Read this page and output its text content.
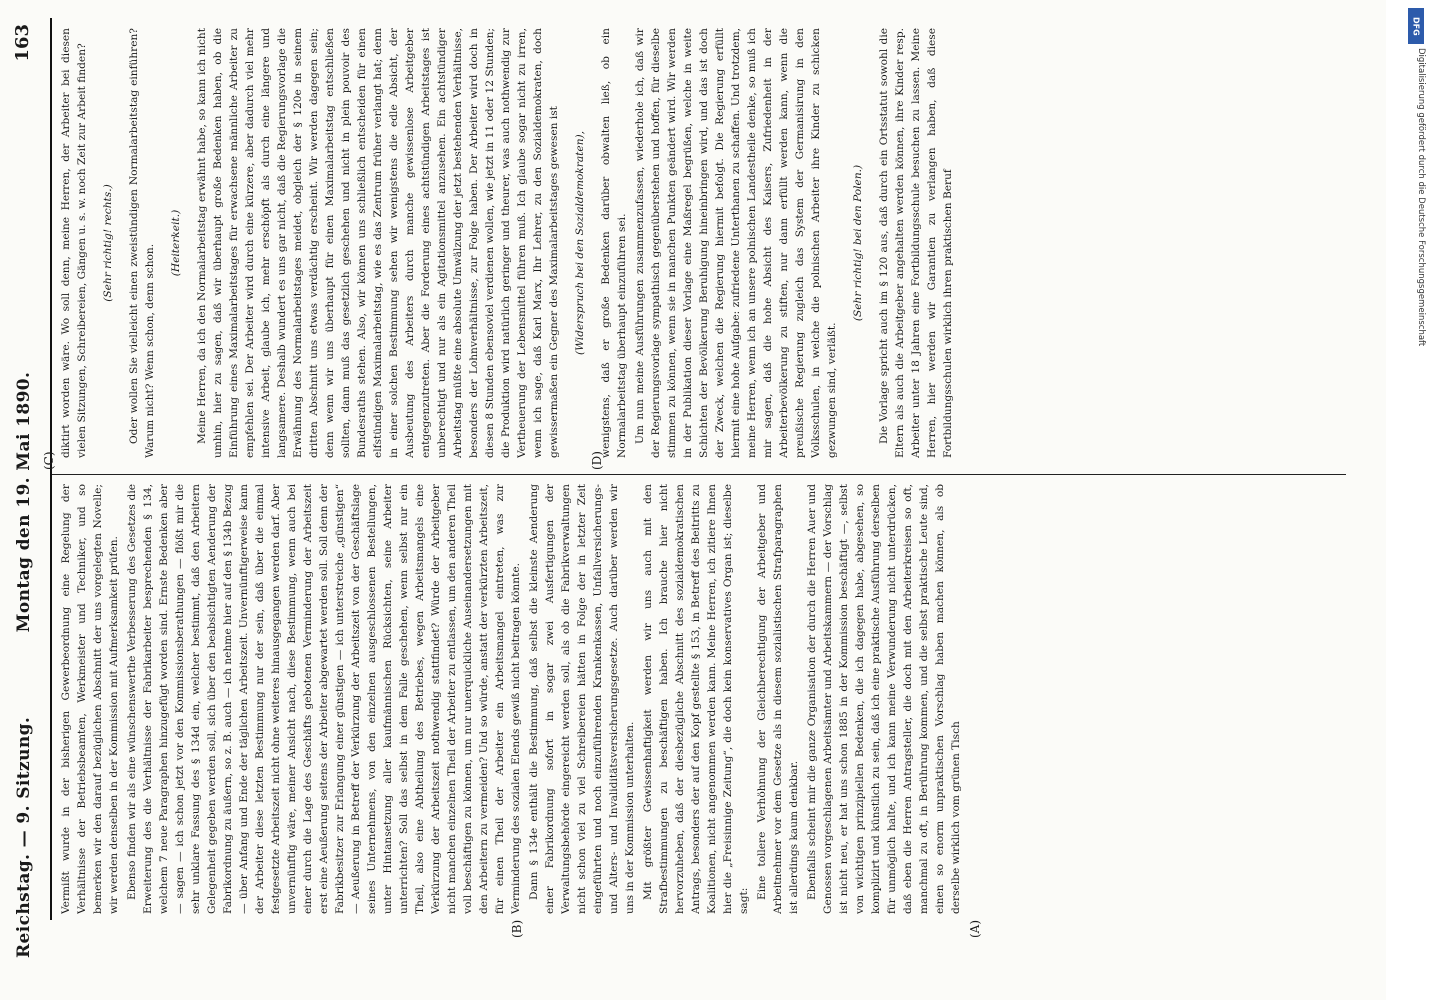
Reichstag. — 9. Sitzung.
Montag den 19. Mai 1890.
163

Vermißt wurde in der bisherigen Gewerbeordnung eine Regelung der Verhältnisse der Betriebsbeamten, Werkmeister und Techniker, und so bemerken wir den darauf bezüglichen Abschnitt der uns vorgelegten Novelle; wir werden denselben in der Kommission mit Aufmerksamkeit prüfen. Ebenso finden wir als eine wünschenswerthe Verbesserung des Gesetzes die Erweiterung des die Verhältnisse der Fabrikarbeiter besprechenden § 134, welchem 7 neue Paragraphen hinzugefügt worden sind. Ernste Bedenken aber — sagen — ich schon jetzt vor den Kommissionsberathungen — flößt mir die sehr unklare Fassung des § 134d ein, welcher bestimmt, daß den Arbeitern Gelegenheit gegeben werden soll, sich über den beabsichtigten Aenderung der Fabrikordnung zu äußern, so z. B. auch — ich nehme hier auf den § 134b Bezug — über Anfang und Ende der täglichen Arbeitszeit. Unvernünftigerweise kann der Arbeiter diese letzten Bestimmung nur der sein, daß über die einmal festgesetzte Arbeitszeit nicht ohne weiteres hinausgegangen werden darf. Aber unvernünftig wäre, meiner Ansicht nach, diese Bestimmung, wenn auch bei einer durch die Lage des Geschäfts gebotenen Verminderung der Arbeitszeit erst eine Aeußerung seitens der Arbeiter abgewartet werden soll. Soll denn der Fabrikbesitzer zur Erlangung einer günstigen — ich unterstreiche „günstigen“ — Aeußerung in Betreff der Verkürzung der Arbeitszeit von der Geschäftslage seines Unternehmens, von den einzelnen ausgeschlossenen Bestellungen, unter Hintansetzung aller kaufmännischen Rücksichten, seine Arbeiter unterrichten? Soll das selbst in dem Falle geschehen, wenn selbst nur ein Theil, also eine Abtheilung des Betriebes, wegen Arbeitsmangels eine Verkürzung der Arbeitszeit nothwendig stattfindet? Würde der Arbeitgeber nicht manchen einzelnen Theil der Arbeiter zu entlassen, um den anderen Theil voll beschäftigen zu können, um nur unerquickliche Auseinandersetzungen mit den Arbeitern zu vermeiden? Und so würde, anstatt der verkürzten Arbeitszeit, für einen Theil der Arbeiter ein Arbeitsmangel eintreten, was zur Verminderung des sozialen Elends gewiß nicht beitragen könnte. Dann § 134e enthält die Bestimmung, daß selbst die kleinste Aenderung einer Fabrikordnung sofort in sogar zwei Ausfertigungen der Verwaltungsbehörde eingereicht werden soll, als ob die Fabrikverwaltungen nicht schon viel zu viel Schreibereien hätten in Folge der in letzter Zeit eingeführten und noch einzuführenden Krankenkassen, Unfallversicherungs- und Alters- und Invaliditätsversicherungsgesetze. Auch darüber werden wir uns in der Kommission unterhalten. Mit größter Gewissenhaftigkeit werden wir uns auch mit den Strafbestimmungen zu beschäftigen haben. Ich brauche hier nicht hervorzuheben, daß der diesbezügliche Abschnitt des sozialdemokratischen Antrags, besonders der auf den Kopf gestellte § 153, in Betreff des Beitritts zu Koalitionen, nicht angenommen werden kann. Meine Herren, ich zitiere Ihnen hier die „Freisinnige Zeitung“, die doch kein konservatives Organ ist; dieselbe sagt:

Eine tollere Verhöhnung der Gleichberechtigung der Arbeitgeber und Arbeitnehmer vor dem Gesetze als in diesem sozialistischen Strafparagraphen ist allerdings kaum denkbar. Ebenfalls scheint mir die ganze Organisation der durch die Herren Auer und Genossen vorgeschlagenen Arbeitsämter und Arbeitskammern — der Vorschlag ist nicht neu, er hat uns schon 1885 in der Kommission beschäftigt —, selbst von wichtigen prinzipiellen Bedenken, die ich dagegen habe, abgesehen, so komplizirt und künstlich zu sein, daß ich eine praktische Ausführung derselben für unmöglich halte, und ich kann meine Verwunderung nicht unterdrücken, daß eben die Herren Antragsteller, die doch mit den Arbeiterkreisen so oft, manchmal zu oft, in Berührung kommen, und die selbst praktische Leute sind, einen so enorm unpraktischen Vorschlag haben machen können, als ob derselbe wirklich vom grünen Tisch

diktirt worden wäre. Wo soll denn, meine Herren, der Arbeiter bei diesen vielen Sitzungen, Schreibereien, Gängen u. s. w. noch Zeit zur Arbeit finden? (Sehr richtig! rechts.) Oder wollen Sie vielleicht einen zweistündigen Normalarbeitstag einführen? Warum nicht? Wenn schon, denn schon.

(Heiterkeit.) Meine Herren, da ich den Normalarbeitstag erwähnt habe, so kann ich nicht umhin, hier zu sagen, daß wir überhaupt große Bedenken haben, ob die Einführung eines Maximalarbeitstages für erwachsene männliche Arbeiter zu empfehlen sei. Der Arbeiter wird durch eine kürzere, aber dadurch viel mehr intensive Arbeit, glaube ich, mehr erschöpft als durch eine längere und langsamere. Deshalb wundert es uns gar nicht, daß die Regierungsvorlage die Erwähnung des Normalarbeitstages meidet, obgleich der § 120e in seinem dritten Abschnitt uns etwas verdächtig erscheint. Wir werden dagegen sein; denn wenn wir uns überhaupt für einen Maximalarbeitstag entschließen sollten, dann muß das gesetzlich geschehen und nicht in plein pouvoir des Bundesraths stehen. Also, wir können uns schließlich entscheiden für einen elfstündigen Maximalarbeitstag, wie es das Zentrum früher verlangt hat; denn in einer solchen Bestimmung sehen wir wenigstens die edle Absicht, der Ausbeutung des Arbeiters durch manche gewissenlose Arbeitgeber entgegenzutreten. Aber die Forderung eines achtstündigen Arbeitstages ist unberechtigt und nur als ein Agitationsmittel anzusehen. Ein achtstündiger Arbeitstag müßte eine absolute Umwälzung der jetzt bestehenden Verhältnisse, besonders der Lohnverhältnisse, zur Folge haben. Der Arbeiter wird doch in diesen 8 Stunden ebensoviel verdienen wollen, wie jetzt in 11 oder 12 Stunden; die Produktion wird natürlich geringer und theurer, was auch nothwendig zur Vertheuerung der Lebensmittel führen muß. Ich glaube sogar nicht zu irren, wenn ich sage, daß Karl Marx, Ihr Lehrer, zu den Sozialdemokraten, doch gewissermaßen ein Gegner des Maximalarbeitstages gewesen ist (Widerspruch bei den Sozialdemokraten), wenigstens, daß er große Bedenken darüber obwalten ließ, ob ein Normalarbeitstag überhaupt einzuführen sei. Um nun meine Ausführungen zusammenzufassen, wiederhole ich, daß wir der Regierungsvorlage sympathisch gegenüberstehen und hoffen, für dieselbe stimmen zu können, wenn sie in manchen Punkten geändert wird. Wir werden in der Publikation dieser Vorlage eine Maßregel begrüßen, welche in weite Schichten der Bevölkerung Beruhigung hineinbringen wird, und das ist doch der Zweck, welchen die Regierung hiermit befolgt. Die Regierung erfüllt hiermit eine hohe Aufgabe: zufriedene Unterthanen zu schaffen. Und trotzdem, meine Herren, wenn ich an unsere polnischen Landestheile denke, so muß ich mir sagen, daß die hohe Absicht des Kaisers, Zufriedenheit in der Arbeiterbevölkerung zu stiften, nur dann erfüllt werden kann, wenn die preußische Regierung zugleich das System der Germanisirung in den Volksschulen, in welche die polnischen Arbeiter ihre Kinder zu schicken gezwungen sind, verläßt.

(Sehr richtig! bei den Polen.) Die Vorlage spricht auch im § 120 aus, daß durch ein Ortsstatut sowohl die Eltern als auch die Arbeitgeber angehalten werden können, ihre Kinder resp. Arbeiter unter 18 Jahren eine Fortbildungsschule besuchen zu lassen. Meine Herren, hier werden wir Garantien zu verlangen haben, daß diese Fortbildungsschulen wirklich ihren praktischen Beruf

(A)
(B)
(C)	(D)
DFG
Digitalisierung gefördert durch die Deutsche Forschungsgemeinschaft
